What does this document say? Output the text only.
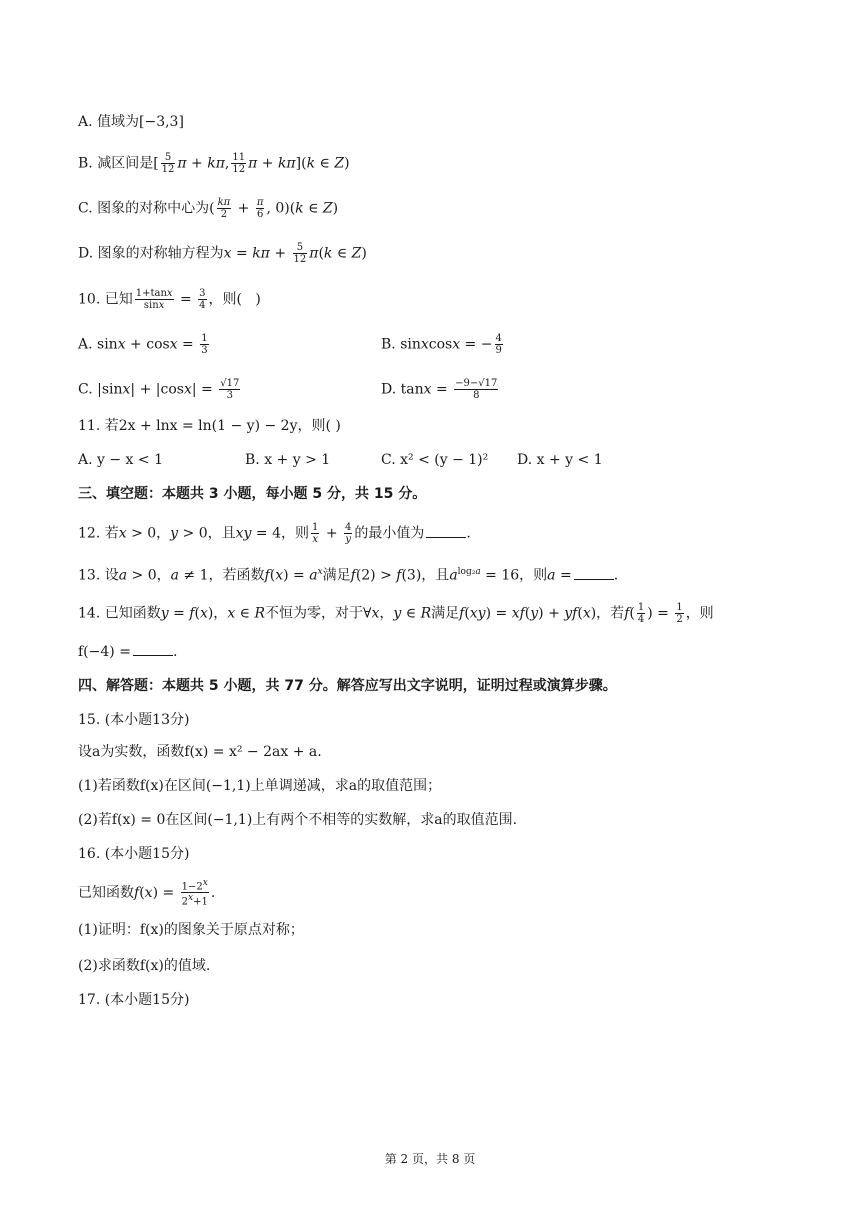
A. 值域为[−3,3]
B. 减区间是[ $\frac{5}{12}$ π + kπ, $\frac{11}{12}$ π + kπ](k ∈ Z)
C. 图象的对称中心为( $\frac{k\pi}{2} + \frac{\pi}{6}$ , 0)(k ∈ Z)
D. 图象的对称轴方程为$x = k\pi + \frac{5}{12} \pi(k$ ∈ Z)
10. 已知 $\frac{1+\tan x}{\sin x} = \frac{3}{4}$ ，则(   )
A. $\sin x + \cos x = \frac{1}{3}$	B. sinxcosx = − $\frac{4}{9}$
C. $|\sin x| + |\cos x| = \frac{√17}{3}$	D. $\tan x = \frac{-9-√17}{8}$
11. 若2x + lnx = ln(1 − y) − 2y，则( )
A. y − x < 1	B. x + y > 1	C. x² < (y − 1)² D. x + y < 1
三、填空题：本题共 3 小题，每小题 5 分，共 15 分。
12. 若x > 0，y > 0，且xy = 4，则 $\frac{1}{x} + \frac{4}{y}$ 的最小值为	.
13. 设a > 0，a ≠ 1，若函数$f(x) = a^x$满足f(2) > f(3)，且$a^{log_2a} = 16$，则a =	.
14. 已知函数y = f(x)，x ∈ R不恒为零，对于∀x，y ∈ R满足f(xy) = xf(y) + yf(x)，若$f( \frac{1}{4}$ ) = $\frac{1}{2}$ ，则
f(−4) =	.
四、解答题：本题共 5 小题，共 77 分。解答应写出文字说明，证明过程或演算步骤。
15. (本小题13分)
设a为实数，函数f(x) = x² − 2ax + a.
(1)若函数f(x)在区间(−1,1)上单调递减，求a的取值范围；
(2)若f(x) = 0在区间(−1,1)上有两个不相等的实数解，求a的取值范围.
16. (本小题15分)
已知函数$f(x) = \frac{1-2^x}{2^x+1}$ .
(1)证明：f(x)的图象关于原点对称；
(2)求函数f(x)的值域.
17. (本小题15分)
第 2 页，共 8 页
